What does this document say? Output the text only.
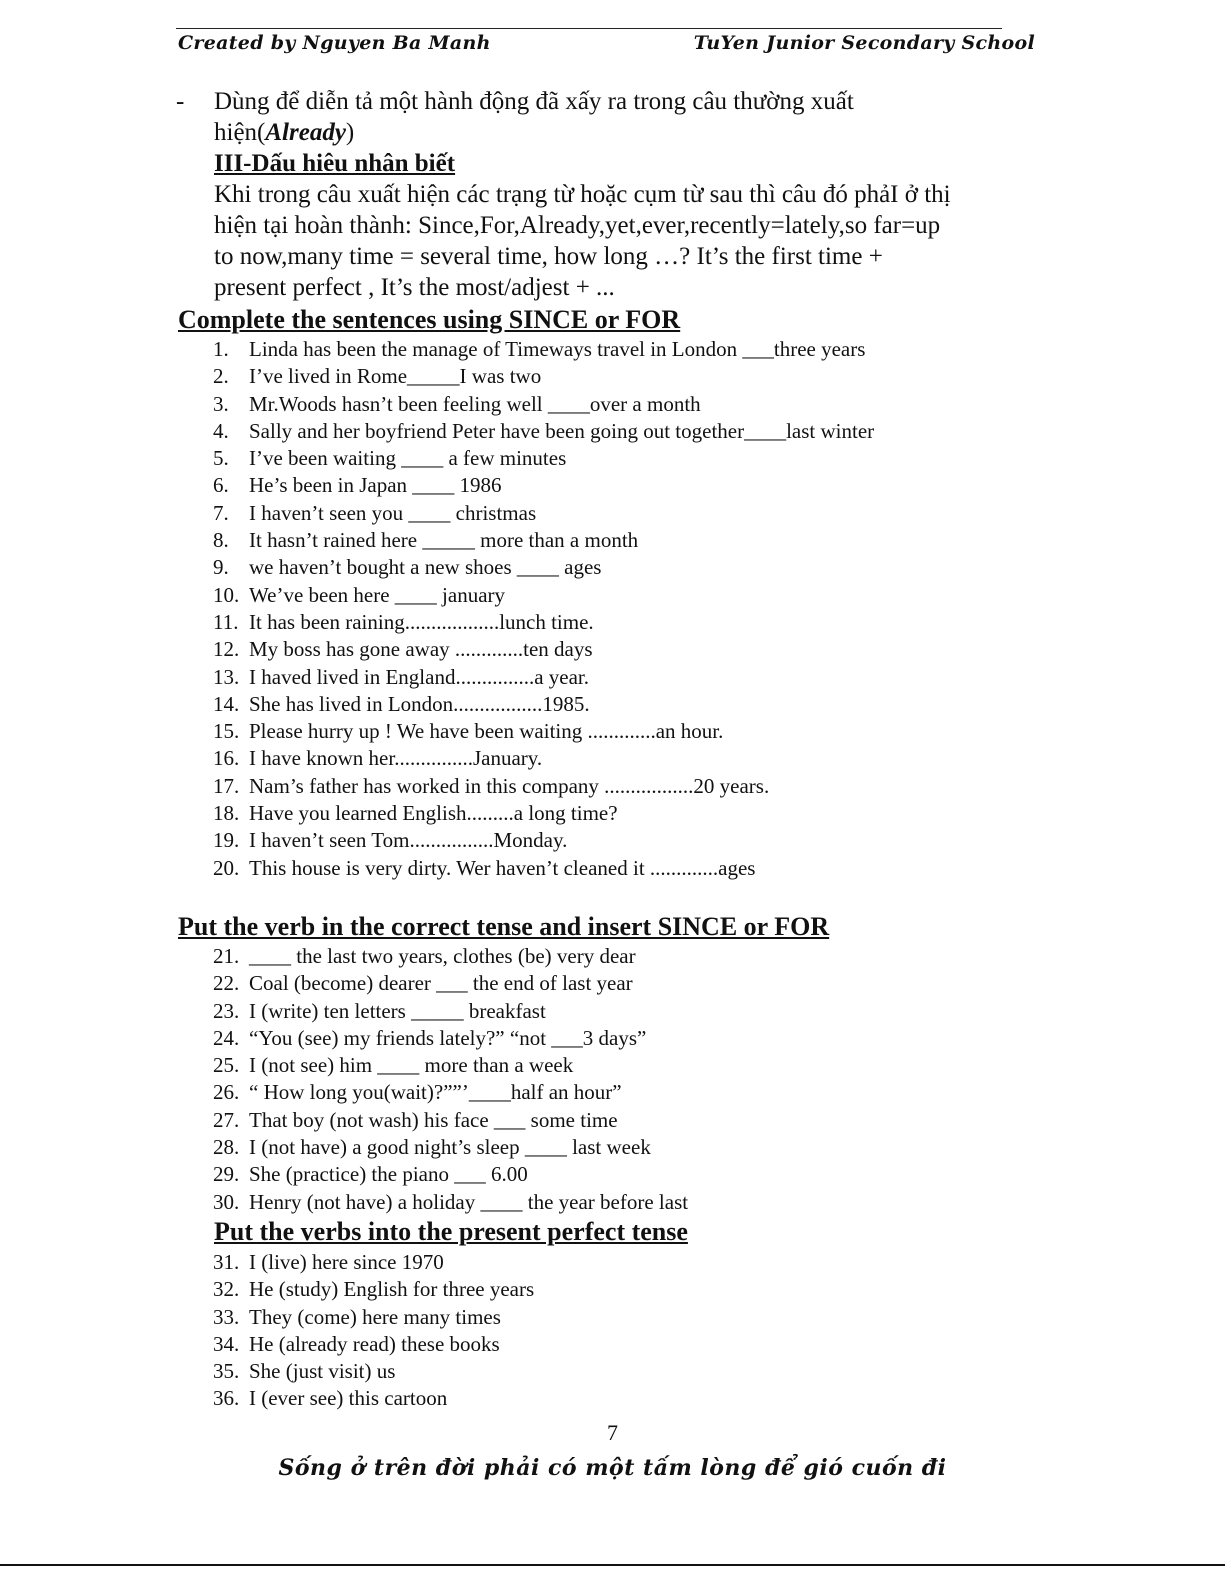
Created by Nguyen Ba Manh	TuYen Junior Secondary School
- Dùng để diễn tả một hành động đã xấy ra trong câu thường xuất
hiện(Already)
III-Dấu hiêu nhân biết
Khi trong câu xuất hiện các trạng từ hoặc cụm từ sau thì câu đó phảI ở thị
hiện tại hoàn thành: Since,For,Already,yet,ever,recently=lately,so far=up
to now,many time = several time, how long …? It’s the first time +
present perfect , It’s the most/adjest + ...
Complete the sentences using SINCE or FOR
1. Linda has been the manage of Timeways travel in London ___three years
2. I’ve lived in Rome_____I was two
3. Mr.Woods hasn’t been feeling well ____over a month
4. Sally and her boyfriend Peter have been going out together____last winter
5. I’ve been waiting ____ a few minutes
6. He’s been in Japan ____ 1986
7. I haven’t seen you ____ christmas
8. It hasn’t rained here _____ more than a month
9. we haven’t bought a new shoes ____ ages
10. We’ve been here ____ january
11. It has been raining..................lunch time.
12. My boss has gone away .............ten days
13. I haved lived in England...............a year.
14. She has lived in London.................1985.
15. Please hurry up ! We have been waiting .............an hour.
16. I have known her...............January.
17. Nam’s father has worked in this company .................20 years.
18. Have you learned English.........a long time?
19. I haven’t seen Tom................Monday.
20. This house is very dirty. Wer haven’t cleaned it .............ages
Put the verb in the correct tense and insert SINCE or FOR
21. ____ the last two years, clothes (be) very dear
22. Coal (become) dearer ___ the end of last year
23. I (write) ten letters _____ breakfast
24. “You (see) my friends lately?” “not ___3 days”
25. I (not see) him ____ more than a week
26. “ How long you(wait)?””’____half an hour”
27. That boy (not wash) his face ___ some time
28. I (not have) a good night’s sleep ____ last week
29. She (practice) the piano ___ 6.00
30. Henry (not have) a holiday ____ the year before last
Put the verbs into the present perfect tense
31. I (live) here since 1970
32. He (study) English for three years
33. They (come) here many times
34. He (already read) these books
35. She (just visit) us
36. I (ever see) this cartoon
7
Sống ở trên đời phải có một tấm lòng để gió cuốn đi
